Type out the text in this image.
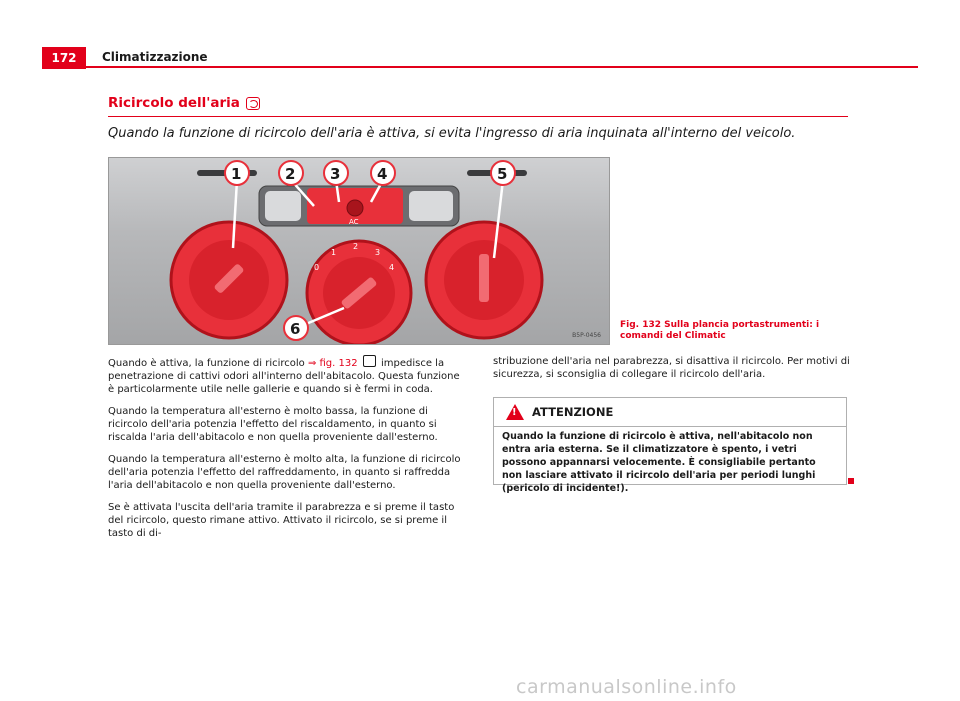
172	Climatizzazione
Ricircolo dell'aria
Quando la funzione di ricircolo dell'aria è attiva, si evita l'ingresso di aria inquinata all'interno del veicolo.
AC
0
1
2
3
4
1	2 3 4	5
6	B5P-0456
Fig. 132 Sulla plancia portastrumenti: i comandi del Climatic

Quando è attiva, la funzione di ricircolo ⇒ fig. 132  impedisce la penetrazione di cattivi odori all'interno dell'abitacolo. Questa funzione è particolarmente utile nelle gallerie e quando si è fermi in coda.

Quando la temperatura all'esterno è molto bassa, la funzione di ricircolo dell'aria potenzia l'effetto del riscaldamento, in quanto si riscalda l'aria dell'abitacolo e non quella proveniente dall'esterno.

Quando la temperatura all'esterno è molto alta, la funzione di ricircolo dell'aria potenzia l'effetto del raffreddamento, in quanto si raffredda l'aria dell'abitacolo e non quella proveniente dall'esterno.

Se è attivata l'uscita dell'aria tramite il parabrezza e si preme il tasto del ricircolo, questo rimane attivo. Attivato il ricircolo, se si preme il tasto di di-

stribuzione dell'aria nel parabrezza, si disattiva il ricircolo. Per motivi di sicurezza, si sconsiglia di collegare il ricircolo dell'aria.

! ATTENZIONE
Quando la funzione di ricircolo è attiva, nell'abitacolo non entra aria esterna. Se il climatizzatore è spento, i vetri possono appannarsi velocemente. È consigliabile pertanto non lasciare attivato il ricircolo dell'aria per periodi lunghi (pericolo di incidente!).
carmanualsonline.info
